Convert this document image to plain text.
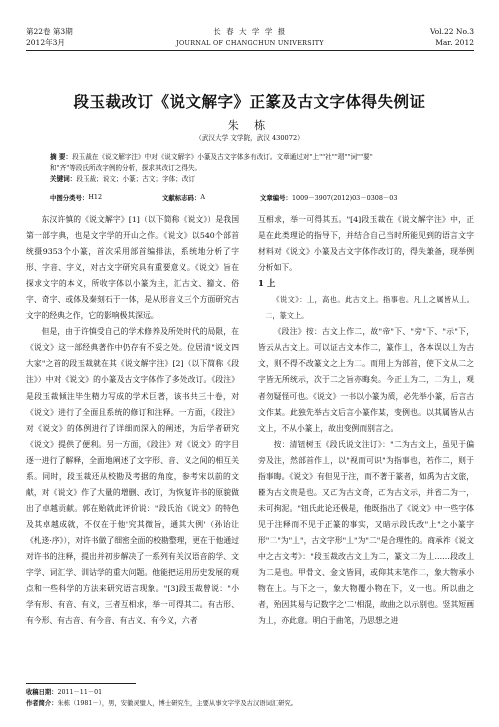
第22卷 第3期	长 春 大 学 学 报	Vol.22 No.3
2012年3月	JOURNAL OF CHANGCHUN UNIVERSITY	Mar. 2012
段玉裁改订《说文解字》正篆及古文字体得失例证
朱 栋
（武汉大学 文学院，武汉 430072）
摘 要：段玉裁在《说文解字注》中对《说文解字》小篆及古文字体多有改订。文章通过对"上""社""瑁""词""要"
和"齐"等段氏所改字例的分析，探求其改订之得失。
关键词：段玉裁；说文；小篆；古文；字体；改订
中图分类号： H12	文献标志码： A	文章编号： 1009－3907(2012)03－0308－03

东汉许慎的《说文解字》[1]（以下简称《说文》）是我国第一部字典，也是文字学的开山之作。《说文》以540个部首统摄9353个小篆，首次采用部首编排法，系统地分析了字形、字音、字义，对古文字研究具有重要意义。《说文》旨在探求文字的本义，所收字体以小篆为主，汇古文、籀文、俗字、奇字、或体及秦刻石于一体，是从形音义三个方面研究古文字的经典之作，它的影响极其深远。

但是，由于许慎受自己的学术修养及所处时代的局限，在《说文》这一部经典著作中仍存有不妥之处。位居清"说文四大家"之首的段玉裁就在其《说文解字注》[2]（以下简称《段注》）中对《说文》的小篆及古文字体作了多处改订。《段注》是段玉裁倾注毕生精力写成的学术巨著，该书共三十卷，对《说文》进行了全面且系统的修订和注释。一方面，《段注》对《说文》的体例进行了详细而深入的阐述，为后学者研究《说文》提供了便利。另一方面，《段注》对《说文》的字目逐一进行了解释，全面地阐述了文字形、音、义之间的相互关系。同时，段玉裁还从校勘及考据的角度，参考宋以前的文献，对《说文》作了大量的增删、改订，为恢复许书的原貌做出了卓越贡献。郭在贻就此评价说："段氏治《说文》的特色及其卓越成就，不仅在于他'究其微旨，通其大例'（孙诒让《札迻·序》），对许书做了细密全面的校勘整理，更在于他通过对许书的注释，提出并初步解决了一系列有关汉语音韵学、文字学、词汇学、训诂学的重大问题。他能把运用历史发展的观点和一些科学的方法来研究语言现象。"[3]段玉裁曾说："小学有形、有音、有义，三者互相求，举一可得其二。有古形、有今形、有古音、有今音、有古义、有今义，六者

互相求，举一可得其五。"[4]段玉裁在《说文解字注》中，正是在此类理论的指导下，并结合自己当时所能见到的语言文字材料对《说文》小篆及古文字体作改订的，得失兼备，现举例分析如下。

1 上

《说文》：丄，高也。此古文上。指事也。凡丄之属皆从丄。𠄞，篆文上。

《段注》按：古文上作二，故"帝"下、"旁"下、"示"下，皆云从古文上。可以证古文本作二，篆作丄，各本误以丄为古文，则不得不改篆文之上为𠄞。而用上为部首，使下文从二之字皆无所统示，次于二之旨亦晦矣。今正丄为二，𠄞为丄，观者勿疑怪可也。《说文》一书以小篆为质，必先举小篆，后言古文作某。此独先举古文后言小篆作某，变例也。以其属皆从古文上，不从小篆上，故出变例而别言之。

按：清钮树玉《段氏说文注订》："二为古文上，虽见于偏旁及注，然部首作丄，以"视而可识"为指事也，若作二，则于指事晦。《说文》有但见于注，而不著于篆者，如禹为古文旅，𦣞为古文贵是也。又𠀀为古文奇，𠀀为古文示，并省二为一，未可拘泥。"钮氏此论还极是，他既指出了《说文》中一些字体见于注释而不见于正篆的事实，又暗示段氏改"上"之小篆字形"𠄞"为"丄"，古文字形"丄"为"二"是合理性的。商承祚《说文中之古文考》："段玉裁改古文丄为二，篆文𠄞为丄……段改丄为二是也。甲骨文、金文皆同，或仰其末笔作𠄞，象大物承小物在上。与下之一，象大物覆小物在下，义一也。所以曲之者，殆因其易与记数字之'二'相混，故曲之以示别也。竖其短画为丄，亦此意。明白于曲笔，乃思想之进

收稿日期：2011－11－01
作者简介：朱栋（1981－），男，安徽灵璧人，博士研究生，主要从事文字学及古汉语词汇研究。
